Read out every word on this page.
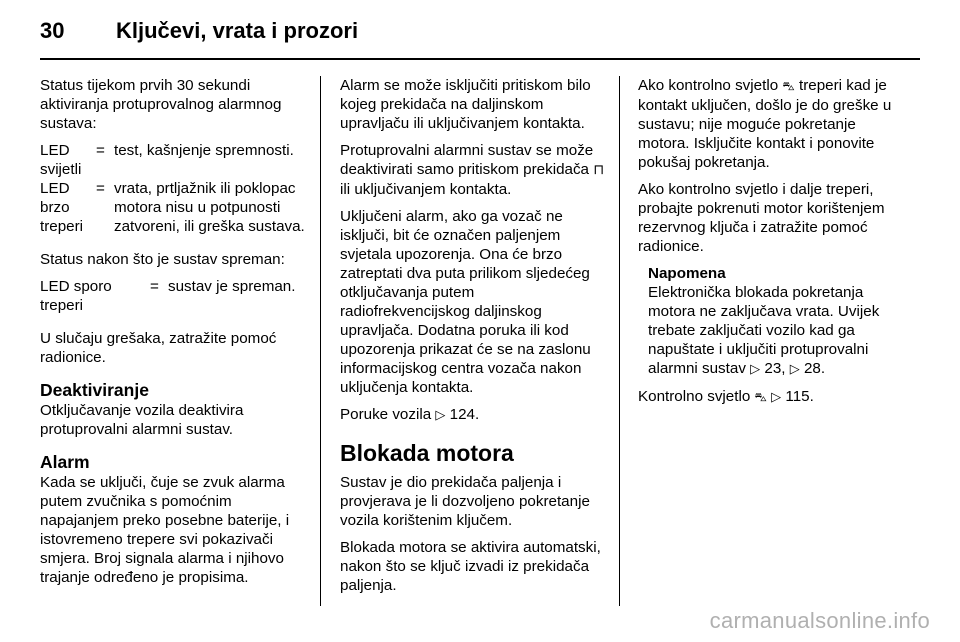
30 Ključevi, vrata i prozori

Status tijekom prvih 30 sekundi aktiviranja protuprovalnog alarmnog sustava:

LED svijetli
= test, kašnjenje spremnosti.
LED brzo treperi
= vrata, prtljažnik ili poklopac motora nisu u potpunosti zatvoreni, ili greška sustava.

Status nakon što je sustav spreman:

LED sporo treperi
= sustav je spreman.

U slučaju grešaka, zatražite pomoć radionice.

Deaktiviranje

Otključavanje vozila deaktivira protuprovalni alarmni sustav.

Alarm

Kada se uključi, čuje se zvuk alarma putem zvučnika s pomoćnim napajanjem preko posebne baterije, i istovremeno trepere svi pokazivači smjera. Broj signala alarma i njihovo trajanje određeno je propisima.

Alarm se može isključiti pritiskom bilo kojeg prekidača na daljinskom upravljaču ili uključivanjem kontakta.

Protuprovalni alarmni sustav se može deaktivirati samo pritiskom prekidača ⊓ ili uključivanjem kontakta.

Uključeni alarm, ako ga vozač ne isključi, bit će označen paljenjem svjetala upozorenja. Ona će brzo zatreptati dva puta prilikom sljedećeg otključavanja putem radiofrekvencijskog daljinskog upravljača. Dodatna poruka ili kod upozorenja prikazat će se na zaslonu informacijskog centra vozača nakon uključenja kontakta.

Poruke vozila ▷ 124.

Blokada motora

Sustav je dio prekidača paljenja i provjerava je li dozvoljeno pokretanje vozila korištenim ključem.

Blokada motora se aktivira automatski, nakon što se ključ izvadi iz prekidača paljenja.

Ako kontrolno svjetlo ⛍ treperi kad je kontakt uključen, došlo je do greške u sustavu; nije moguće pokretanje motora. Isključite kontakt i ponovite pokušaj pokretanja.

Ako kontrolno svjetlo i dalje treperi, probajte pokrenuti motor korištenjem rezervnog ključa i zatražite pomoć radionice.

Napomena
Elektronička blokada pokretanja motora ne zaključava vrata. Uvijek trebate zaključati vozilo kad ga napuštate i uključiti protuprovalni alarmni sustav ▷ 23, ▷ 28.

Kontrolno svjetlo ⛍ ▷ 115.

carmanualsonline.info
